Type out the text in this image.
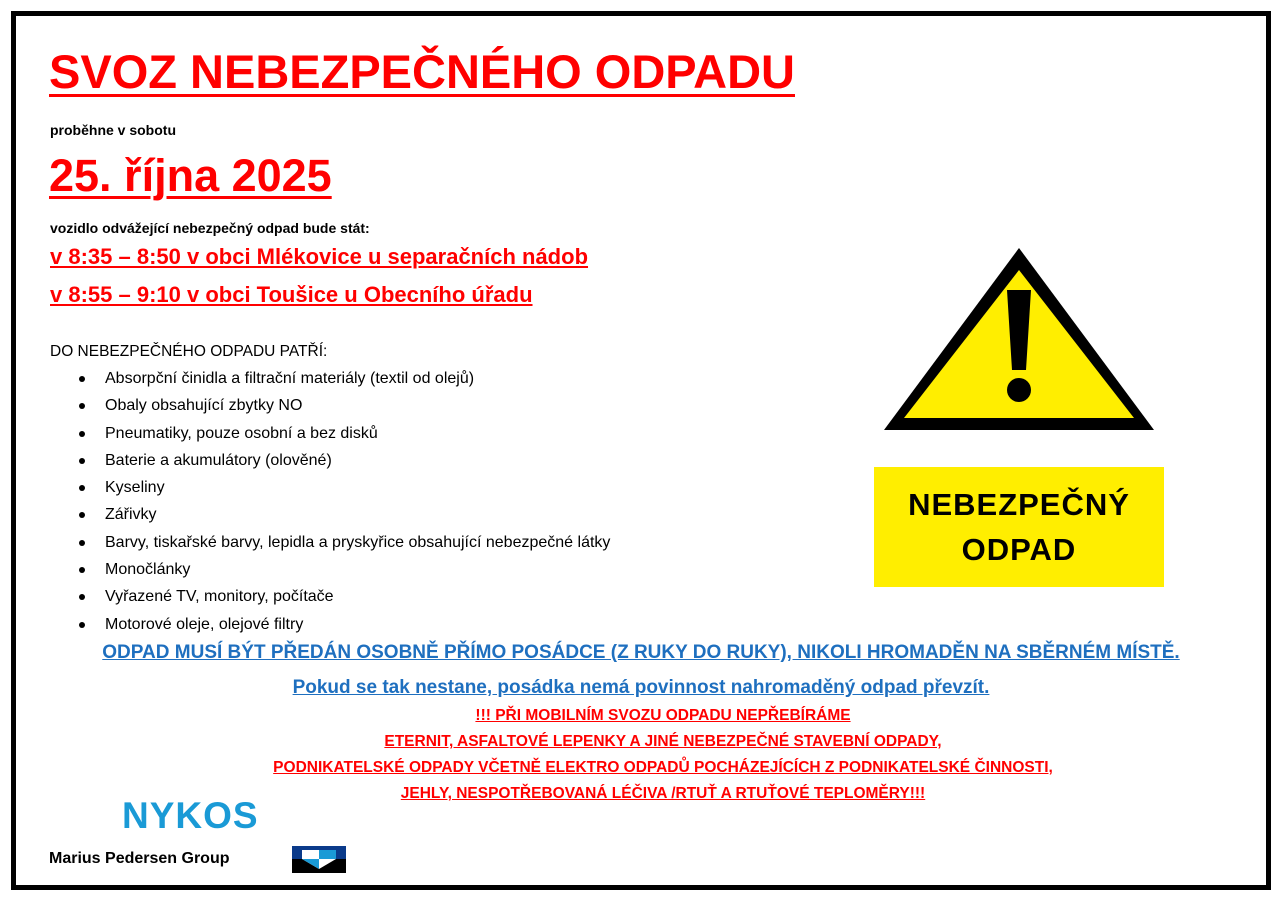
SVOZ NEBEZPEČNÉHO ODPADU
proběhne v sobotu
25. října 2025
vozidlo odvážející nebezpečný odpad bude stát:
v 8:35 – 8:50 v obci Mlékovice u separačních nádob
v 8:55 – 9:10 v obci Toušice u Obecního úřadu
DO NEBEZPEČNÉHO ODPADU PATŘÍ:
Absorpční činidla a filtrační materiály (textil od olejů)
Obaly obsahující zbytky NO
Pneumatiky, pouze osobní a bez disků
Baterie a akumulátory (olověné)
Kyseliny
Zářivky
Barvy, tiskařské barvy, lepidla a pryskyřice obsahující nebezpečné látky
Monočlánky
Vyřazené TV, monitory, počítače
Motorové oleje, olejové filtry
NEBEZPEČNÝ
ODPAD
ODPAD MUSÍ BÝT PŘEDÁN OSOBNĚ PŘÍMO POSÁDCE (Z RUKY DO RUKY), NIKOLI HROMADĚN NA SBĚRNÉM MÍSTĚ.
Pokud se tak nestane, posádka nemá povinnost nahromaděný odpad převzít.
!!! PŘI MOBILNÍM SVOZU ODPADU NEPŘEBÍRÁME
ETERNIT, ASFALTOVÉ LEPENKY A JINÉ NEBEZPEČNÉ STAVEBNÍ ODPADY,
PODNIKATELSKÉ ODPADY VČETNĚ ELEKTRO ODPADŮ POCHÁZEJÍCÍCH Z PODNIKATELSKÉ ČINNOSTI,
JEHLY, NESPOTŘEBOVANÁ LÉČIVA /RTUŤ A RTUŤOVÉ TEPLOMĚRY!!!
NYKOS
Marius Pedersen Group
